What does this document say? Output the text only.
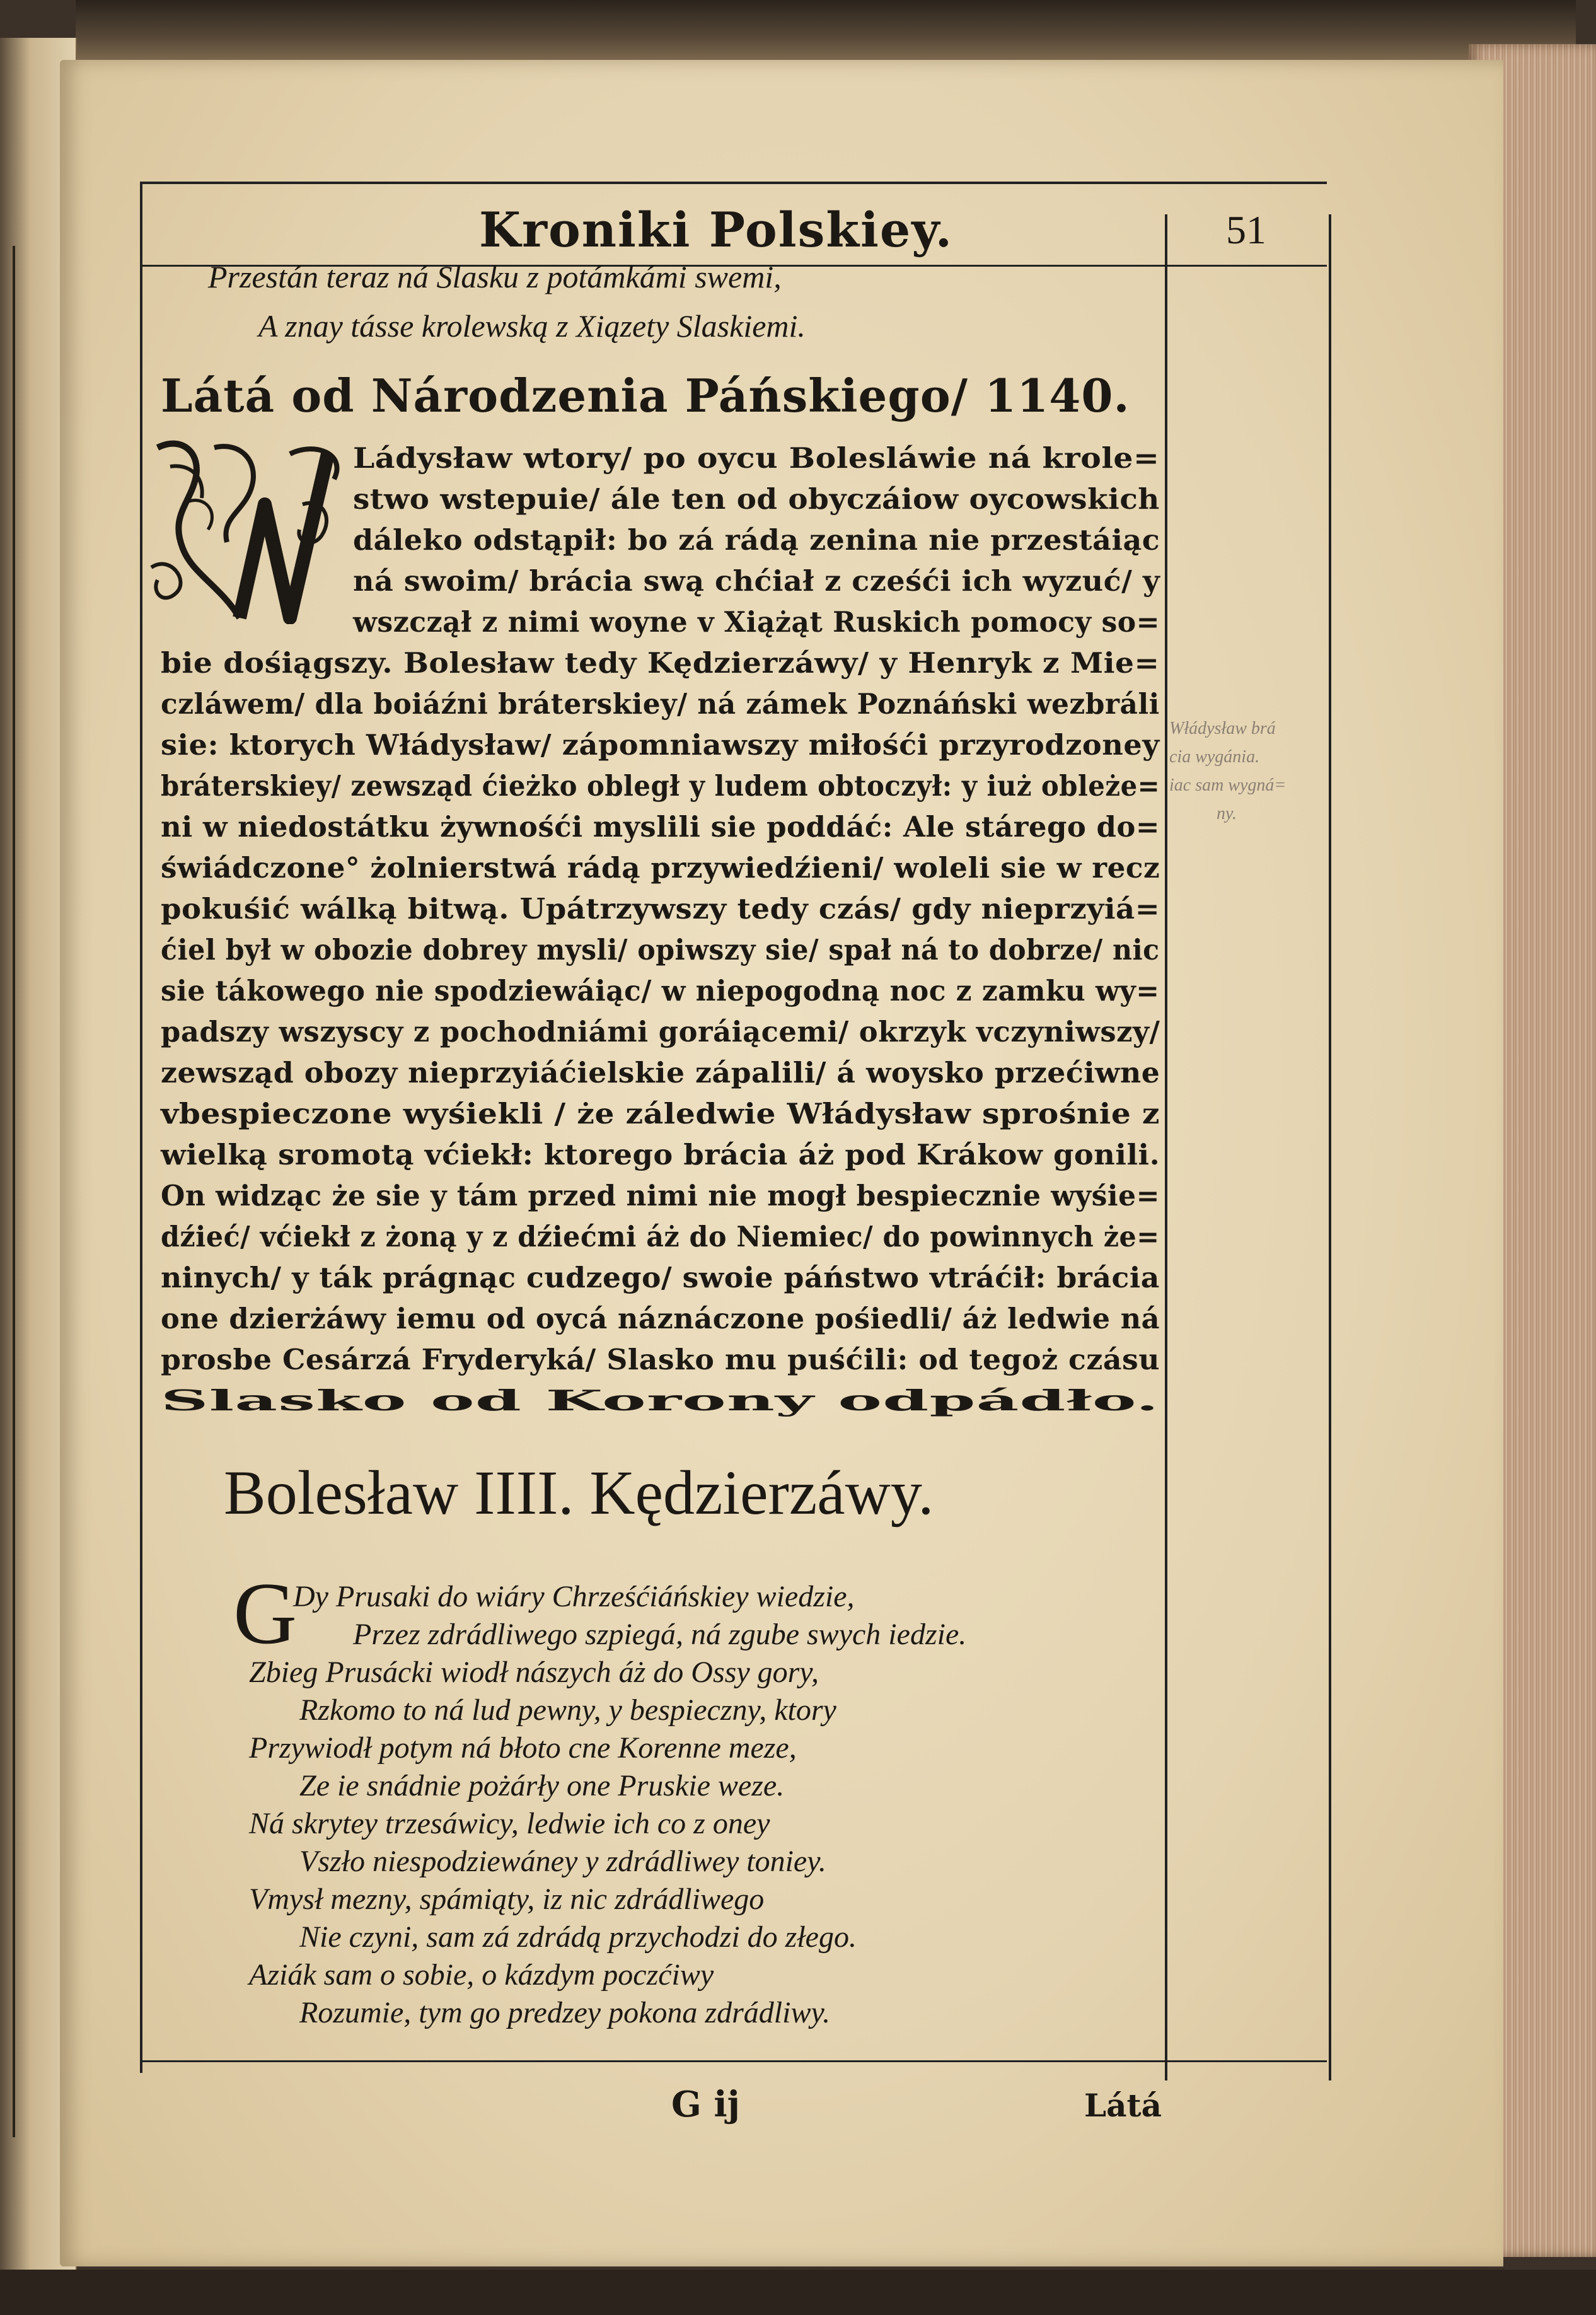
Kroniki Polskiey.	51
Przestán teraz ná Slasku z potámkámi swemi,
A znay tásse krolewską z Xiązety Slaskiemi.
Látá od Národzenia Páńskiego/ 1140.
Ládysław wtory/ po oycu Bolesláwie ná krole=
stwo wstepuie/ ále ten od obyczáiow oycowskich
dáleko odstąpił: bo zá rádą zenina nie przestáiąc
ná swoim/ brácia swą chćiał z cześći ich wyzuć/ y
wszczął z nimi woyne v Xiążąt Ruskich pomocy so=
bie dośiągszy. Bolesław tedy Kędzierzáwy/ y Henryk z Mie=
czláwem/ dla boiáźni bráterskiey/ ná zámek Poznáński wezbráli
sie: ktorych Włádysław/ zápomniawszy miłośći przyrodzoney
bráterskiey/ zewsząd ćieżko obległ y ludem obtoczył: y iuż obleże=
ni w niedostátku żywnośći myslili sie poddáć: Ale stárego do=
świádczone° żolnierstwá rádą przywiedźieni/ woleli sie w recz
pokuśić wálką bitwą. Upátrzywszy tedy czás/ gdy nieprzyiá=
ćiel był w obozie dobrey mysli/ opiwszy sie/ spał ná to dobrze/ nic
sie tákowego nie spodziewáiąc/ w niepogodną noc z zamku wy=
padszy wszyscy z pochodniámi goráiącemi/ okrzyk vczyniwszy/
zewsząd obozy nieprzyiáćielskie zápalili/ á woysko przećiwne
vbespieczone wyśiekli / że záledwie Włádysław sprośnie z
wielką sromotą vćiekł: ktorego brácia áż pod Krákow gonili.
On widząc że sie y tám przed nimi nie mogł bespiecznie wyśie=
dźieć/ vćiekł z żoną y z dźiećmi áż do Niemiec/ do powinnych że=
ninych/ y ták prágnąc cudzego/ swoie páństwo vtráćił: brácia
one dzierżáwy iemu od oycá náznáczone pośiedli/ áż ledwie ná
prosbe Cesárzá Fryderyká/ Slasko mu puśćili: od tegoż czásu
Slasko od Korony odpádło.
Włádysław brá
cia wygánia.
iac sam wygná=
ny.
Bolesław IIII. Kędzierzáwy.
G
Dy Prusaki do wiáry Chrześćiáńskiey wiedzie,
Przez zdrádliwego szpiegá, ná zgube swych iedzie.
Zbieg Prusácki wiodł nászych áż do Ossy gory,
Rzkomo to ná lud pewny, y bespieczny, ktory
Przywiodł potym ná błoto cne Korenne meze,
Ze ie snádnie pożárły one Pruskie weze.
Ná skrytey trzesáwicy, ledwie ich co z oney
Vszło niespodziewáney y zdrádliwey toniey.
Vmysł mezny, spámiąty, iz nic zdrádliwego
Nie czyni, sam zá zdrádą przychodzi do złego.
Aziák sam o sobie, o kázdym poczćiwy
Rozumie, tym go predzey pokona zdrádliwy.
G ij	Látá
